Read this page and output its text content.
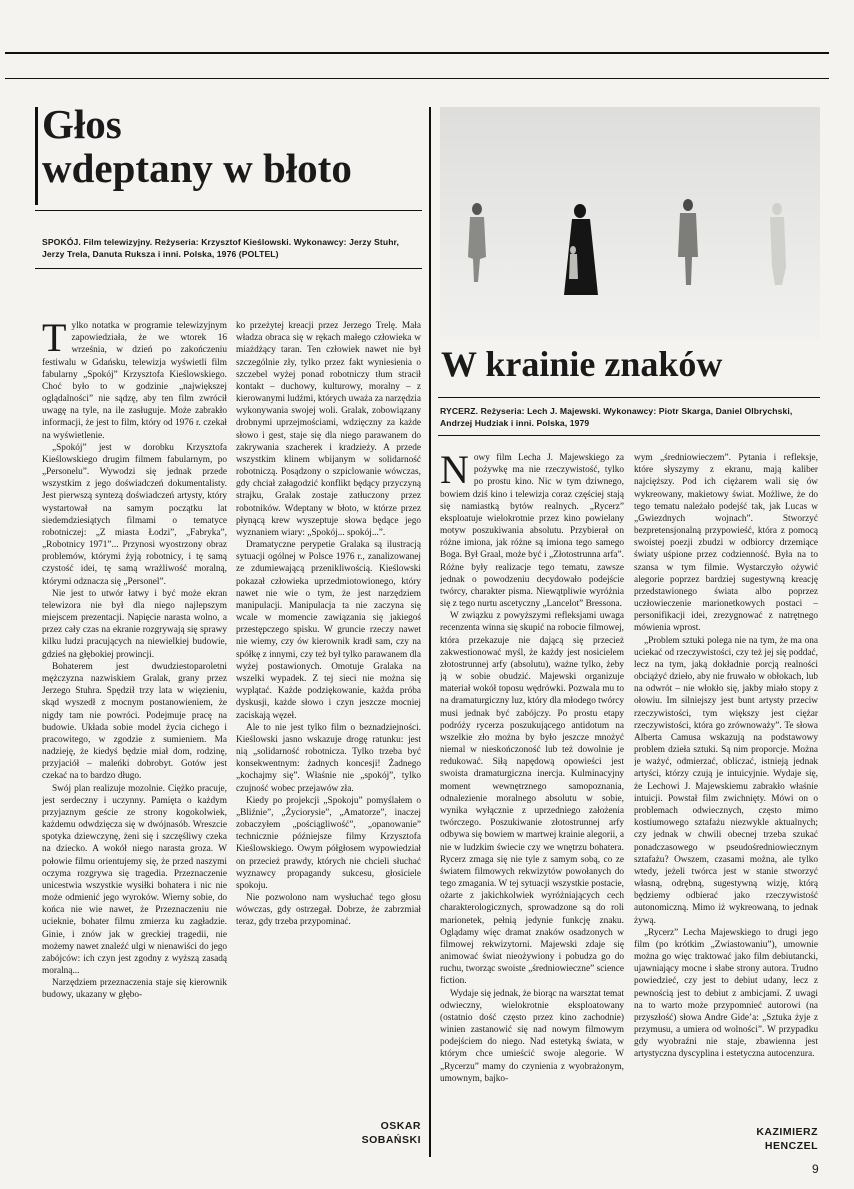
Głos
wdeptany w błoto
SPOKÓJ. Film telewizyjny. Reżyseria: Krzysztof Kieślowski. Wykonawcy: Jerzy Stuhr, Jerzy Trela, Danuta Ruksza i inni. Polska, 1976 (POLTEL)

Tylko notatka w programie telewizyjnym zapowiedziała, że we wtorek 16 września, w dzień po zakończeniu festiwalu w Gdańsku, telewizja wyświetli film fabularny „Spokój” Krzysztofa Kieślowskiego. Choć było to w godzinie „największej oglądalności” nie sądzę, aby ten film zwrócił uwagę na tyle, na ile zasługuje. Może zabrakło informacji, że jest to film, który od 1976 r. czekał na wyświetlenie.

„Spokój” jest w dorobku Krzysztofa Kieślowskiego drugim filmem fabularnym, po „Personelu”. Wywodzi się jednak przede wszystkim z jego doświadczeń dokumentalisty. Jest pierwszą syntezą doświadczeń artysty, który wystartował na samym początku lat siedemdziesiątych filmami o tematyce robotniczej: „Z miasta Łodzi”, „Fabryka”, „Robotnicy 1971”... Przynosi wyostrzony obraz problemów, którymi żyją robotnicy, i tę samą czystość idei, tę samą wrażliwość moralną, którymi odznacza się „Personel”.

Nie jest to utwór łatwy i być może ekran telewizora nie był dla niego najlepszym miejscem prezentacji. Napięcie narasta wolno, a przez cały czas na ekranie rozgrywają się sprawy kilku ludzi pracujących na niewielkiej budowie, gdzieś na głębokiej prowincji.

Bohaterem jest dwudziestoparoletni mężczyzna nazwiskiem Gralak, grany przez Jerzego Stuhra. Spędził trzy lata w więzieniu, skąd wyszedł z mocnym postanowieniem, że nigdy tam nie powróci. Podejmuje pracę na budowie. Układa sobie model życia cichego i pracowitego, w zgodzie z sumieniem. Ma nadzieję, że kiedyś będzie miał dom, rodzinę, przyjaciół – maleńki dobrobyt. Gotów jest czekać na to bardzo długo.

Swój plan realizuje mozolnie. Ciężko pracuje, jest serdeczny i uczynny. Pamięta o każdym przyjaznym geście ze strony kogokolwiek, każdemu odwdzięcza się w dwójnasób. Wreszcie spotyka dziewczynę, żeni się i szczęśliwy czeka na dziecko. A wokół niego narasta groza. W połowie filmu orientujemy się, że przed naszymi oczyma rozgrywa się tragedia. Przeznaczenie unicestwia wszystkie wysiłki bohatera i nic nie może odmienić jego wyroków. Wierny sobie, do końca nie wie nawet, że Przeznaczeniu nie ucieknie, bohater filmu zmierza ku zagładzie. Ginie, i znów jak w greckiej tragedii, nie możemy nawet znaleźć ulgi w nienawiści do jego zabójców: ich czyn jest zgodny z wyższą zasadą moralną...

Narzędziem przeznaczenia staje się kierownik budowy, ukazany w głębo-

ko przeżytej kreacji przez Jerzego Trelę. Mała władza obraca się w rękach małego człowieka w miażdżący taran. Ten człowiek nawet nie był szczególnie zły, tylko przez fakt wyniesienia o szczebel wyżej ponad robotniczy tłum stracił kontakt – duchowy, kulturowy, moralny – z kierowanymi ludźmi, których uważa za narzędzia wykonywania swojej woli. Gralak, zobowiązany drobnymi uprzejmościami, wdzięczny za każde słowo i gest, staje się dla niego parawanem do zakrywania szacherek i kradzieży. A przede wszystkim klinem wbijanym w solidarność robotniczą. Posądzony o szpiclowanie wówczas, gdy chciał załagodzić konflikt będący przyczyną strajku, Gralak zostaje zatłuczony przez robotników. Wdeptany w błoto, w którze przez płynącą krew wyszeptuje słowa będące jego wyznaniem wiary: „Spokój... spokój...”.

Dramatyczne perypetie Gralaka są ilustracją sytuacji ogólnej w Polsce 1976 r., zanalizowanej ze zdumiewającą przenikliwością. Kieślowski pokazał człowieka uprzedmiotowionego, który nawet nie wie o tym, że jest narzędziem manipulacji. Manipulacja ta nie zaczyna się wcale w momencie zawiązania się jakiegoś przestępczego spisku. W gruncie rzeczy nawet nie wiemy, czy ów kierownik kradł sam, czy na spółkę z innymi, czy też był tylko parawanem dla wyżej postawionych. Omotuje Gralaka na wszelki wypadek. Z tej sieci nie można się wyplątać. Każde podziękowanie, każda próba dyskusji, każde słowo i czyn jeszcze mocniej zaciskają węzeł.

Ale to nie jest tylko film o beznadziejności. Kieślowski jasno wskazuje drogę ratunku: jest nią „solidarność robotnicza. Tylko trzeba być konsekwentnym: żadnych koncesji! Żadnego „kochajmy się”. Właśnie nie „spokój”, tylko czujność wobec przejawów zła.

Kiedy po projekcji „Spokoju” pomyślałem o „Bliźnie”, „Życiorysie”, „Amatorze”, inaczej zobaczyłem „pościągliwość”, „opanowanie” technicznie późniejsze filmy Krzysztofa Kieślowskiego. Owym półgłosem wypowiedział on przecież prawdy, których nie chcieli słuchać wyznawcy propagandy sukcesu, głosiciele spokoju.

Nie pozwolono nam wysłuchać tego głosu wówczas, gdy ostrzegał. Dobrze, że zabrzmiał teraz, gdy trzeba przypominać.

OSKAR
SOBAŃSKI
W krainie znaków
RYCERZ. Reżyseria: Lech J. Majewski. Wykonawcy: Piotr Skarga, Daniel Olbrychski, Andrzej Hudziak i inni. Polska, 1979

Nowy film Lecha J. Majewskiego za pożywkę ma nie rzeczywistość, tylko po prostu kino. Nic w tym dziwnego, bowiem dziś kino i telewizja coraz częściej stają się namiastką bytów realnych. „Rycerz” eksploatuje wielokrotnie przez kino powielany motyw poszukiwania absolutu. Przybierał on różne imiona, jak różne są imiona tego samego Boga. Był Graal, może być i „Złotostrunna arfa”. Różne były realizacje tego tematu, zawsze jednak o powodzeniu decydowało podejście twórcy, charakter pisma. Niewątpliwie wyróżnia się z tego nurtu ascetyczny „Lancelot” Bressona.

W związku z powyższymi refleksjami uwaga recenzenta winna się skupić na robocie filmowej, która przekazuje nie dającą się przecież zakwestionować myśl, że każdy jest nosicielem złotostrunnej arfy (absolutu), ważne tylko, żeby ją w sobie obudzić. Majewski organizuje materiał wokół toposu wędrówki. Pozwala mu to na dramaturgiczny luz, który dla młodego twórcy musi jednak być zabójczy. Po prostu etapy podróży rycerza poszukującego antidotum na wszelkie zło można by było jeszcze mnożyć niemal w nieskończoność lub też dowolnie je redukować. Siłą napędową opowieści jest swoista dramaturgiczna inercja. Kulminacyjny moment wewnętrznego samopoznania, odnalezienie moralnego absolutu w sobie, wynika wyłącznie z uprzedniego założenia twórczego. Poszukiwanie złotostrunnej arfy odbywa się bowiem w martwej krainie alegorii, a nie w ludzkim świecie czy we wnętrzu bohatera. Rycerz zmaga się nie tyle z samym sobą, co ze światem filmowych rekwizytów powołanych do tego zmagania. W tej sytuacji wszystkie postacie, ożarte z jakichkolwiek wyróżniających cech charakterologicznych, sprowadzone są do roli marionetek, pełnią jedynie funkcję znaku. Oglądamy więc dramat znaków osadzonych w filmowej rekwizytorni. Majewski zdaje się animować świat nieożywiony i pobudza go do ruchu, tworząc swoiste „średniowieczne” science fiction.

Wydaje się jednak, że biorąc na warsztat temat odwieczny, wielokrotnie eksploatowany (ostatnio dość często przez kino zachodnie) winien zastanowić się nad nowym filmowym podejściem do niego. Nad estetyką świata, w którym chce umieścić swoje alegorie. W „Rycerzu” mamy do czynienia z wyobrażonym, umownym, bajko-

wym „średniowieczem”. Pytania i refleksje, które słyszymy z ekranu, mają kaliber najcięższy. Pod ich ciężarem wali się ów wykreowany, makietowy świat. Możliwe, że do tego tematu należało podejść tak, jak Lucas w „Gwiezdnych wojnach”. Stworzyć bezpretensjonalną przypowieść, która z pomocą swoistej poezji zbudzi w odbiorcy drzemiące światy uśpione przez codzienność. Była na to szansa w tym filmie. Wystarczyło ożywić alegorie poprzez bardziej sugestywną kreację przedstawionego świata albo poprzez uczłowieczenie marionetkowych postaci – personifikacji idei, zrezygnować z natrętnego mówienia wprost.

„Problem sztuki polega nie na tym, że ma ona uciekać od rzeczywistości, czy też jej się poddać, lecz na tym, jaką dokładnie porcją realności obciążyć dzieło, aby nie fruwało w obłokach, lub na odwrót – nie włokło się, jakby miało stopy z ołowiu. Im silniejszy jest bunt artysty przeciw rzeczywistości, tym większy jest ciężar rzeczywistości, która go zrównoważy”. Te słowa Alberta Camusa wskazują na podstawowy problem dzieła sztuki. Są nim proporcje. Można je ważyć, odmierzać, obliczać, istnieją jednak artyści, którzy czują je intuicyjnie. Wydaje się, że Lechowi J. Majewskiemu zabrakło właśnie intuicji. Powstał film zwichnięty. Mówi on o problemach odwiecznych, często mimo kostiumowego sztafażu niezwykle aktualnych; czy jednak w chwili obecnej trzeba szukać ponadczasowego w pseudośredniowiecznym sztafażu? Owszem, czasami można, ale tylko wtedy, jeżeli twórca jest w stanie stworzyć własną, odrębną, sugestywną wizję, którą będziemy odbierać jako rzeczywistość autonomiczną. Mimo iż wykreowaną, to jednak żywą.

„Rycerz” Lecha Majewskiego to drugi jego film (po krótkim „Zwiastowaniu”), umownie można go więc traktować jako film debiutancki, ujawniający mocne i słabe strony autora. Trudno powiedzieć, czy jest to debiut udany, lecz z pewnością jest to debiut z ambicjami. Z uwagi na to warto może przypomnieć autorowi (na przyszłość) słowa Andre Gide’a: „Sztuka żyje z przymusu, a umiera od wolności”. W przypadku gdy wyobraźni nie staje, zbawienna jest artystyczna dyscyplina i estetyczna autocenzura.

KAZIMIERZ
HENCZEL
9
